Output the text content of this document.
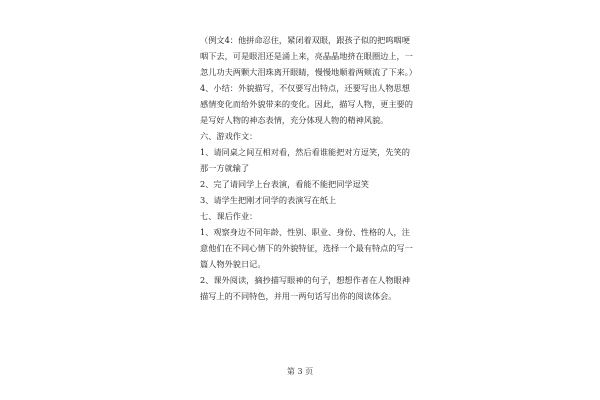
（例文4：他拼命忍住，紧闭着双眼，跟孩子似的把呜咽哽咽下去，可是眼泪还是涌上来，亮晶晶地挤在眼圈边上，一忽儿功夫两颗大泪珠离开眼睛，慢慢地顺着两颊流了下来。）

4、小结：外貌描写，不仅要写出特点，还要写出人物思想感情变化而给外貌带来的变化。因此，描写人物，更主要的是写好人物的神态表情，充分体现人物的精神风貌。

六、游戏作文：

1、请同桌之间互相对看，然后看谁能把对方逗笑，先笑的那一方就输了

2、完了请同学上台表演，看能不能把同学逗笑

3、请学生把刚才同学的表演写在纸上

七、课后作业：

1、观察身边不同年龄、性别、职业、身份、性格的人，注意他们在不同心情下的外貌特征，选择一个最有特点的写一篇人物外貌日记。

2、课外阅读，摘抄描写眼神的句子，想想作者在人物眼神描写上的不同特色，并用一两句话写出你的阅读体会。

第 3 页
